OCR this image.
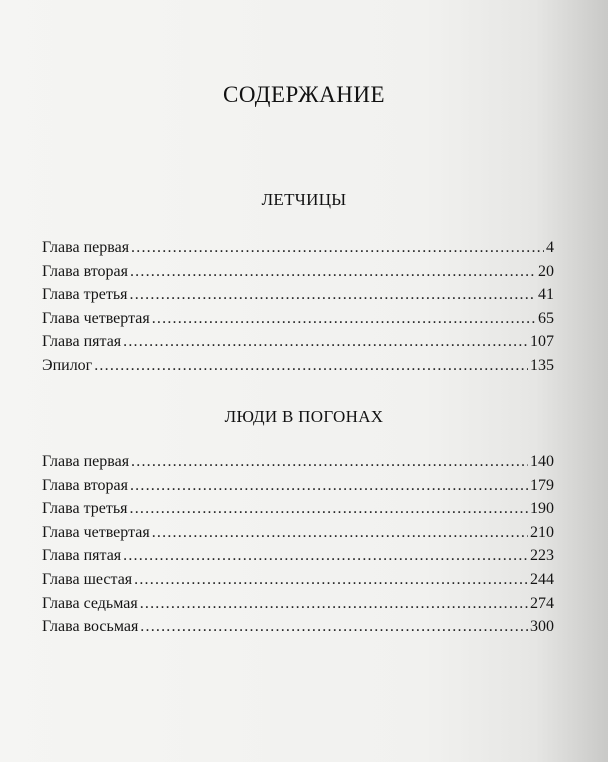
СОДЕРЖАНИЕ
ЛЕТЧИЦЫ
Глава первая .....	4
Глава вторая .....	20
Глава третья .....	41
Глава четвертая .....	65
Глава пятая .....	107
Эпилог .....	135
ЛЮДИ В ПОГОНАХ
Глава первая .....	140
Глава вторая .....	179
Глава третья .....	190
Глава четвертая .....	210
Глава пятая .....	223
Глава шестая .....	244
Глава седьмая .....	274
Глава восьмая .....	300
